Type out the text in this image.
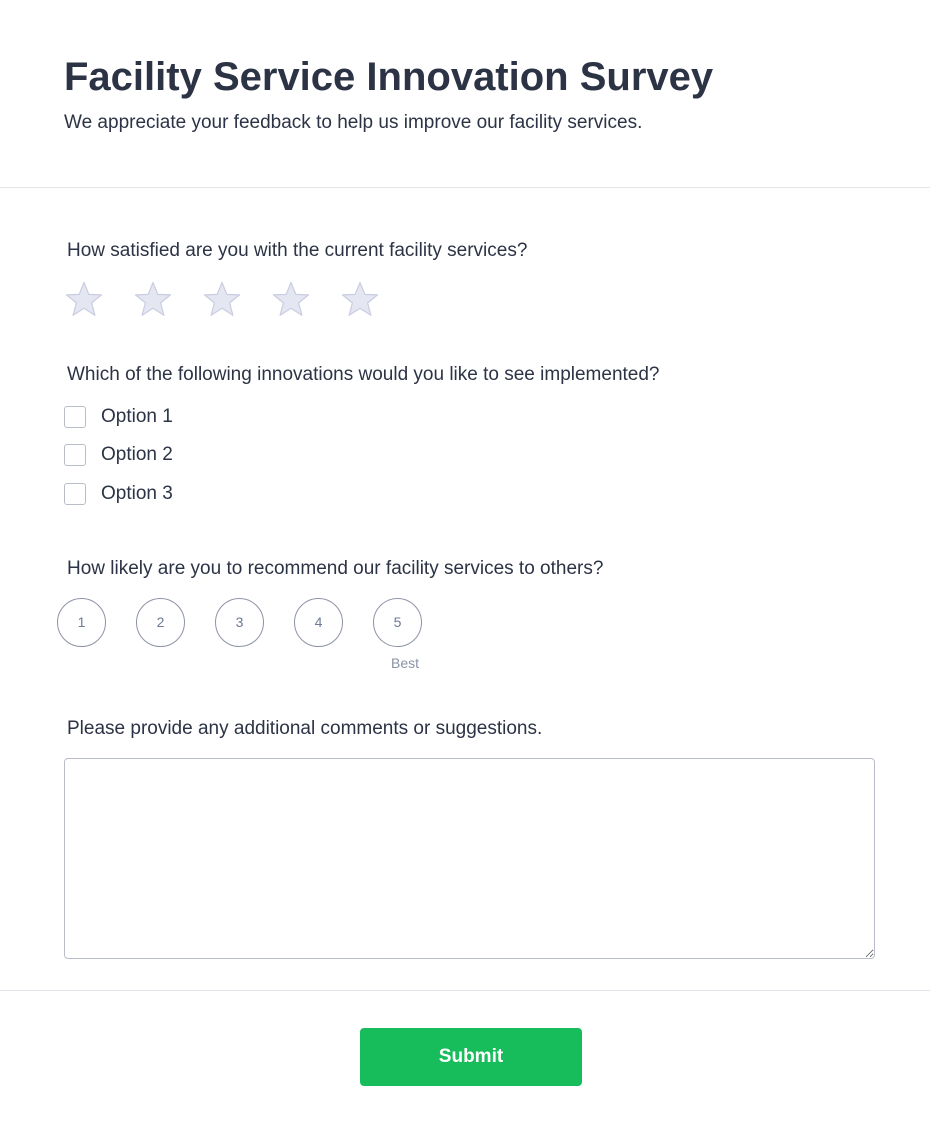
Facility Service Innovation Survey

We appreciate your feedback to help us improve our facility services.

How satisfied are you with the current facility services?
Which of the following innovations would you like to see implemented?
Option 1
Option 2
Option 3
How likely are you to recommend our facility services to others?
1	2	3	4	5
Best
Please provide any additional comments or suggestions.
Submit
